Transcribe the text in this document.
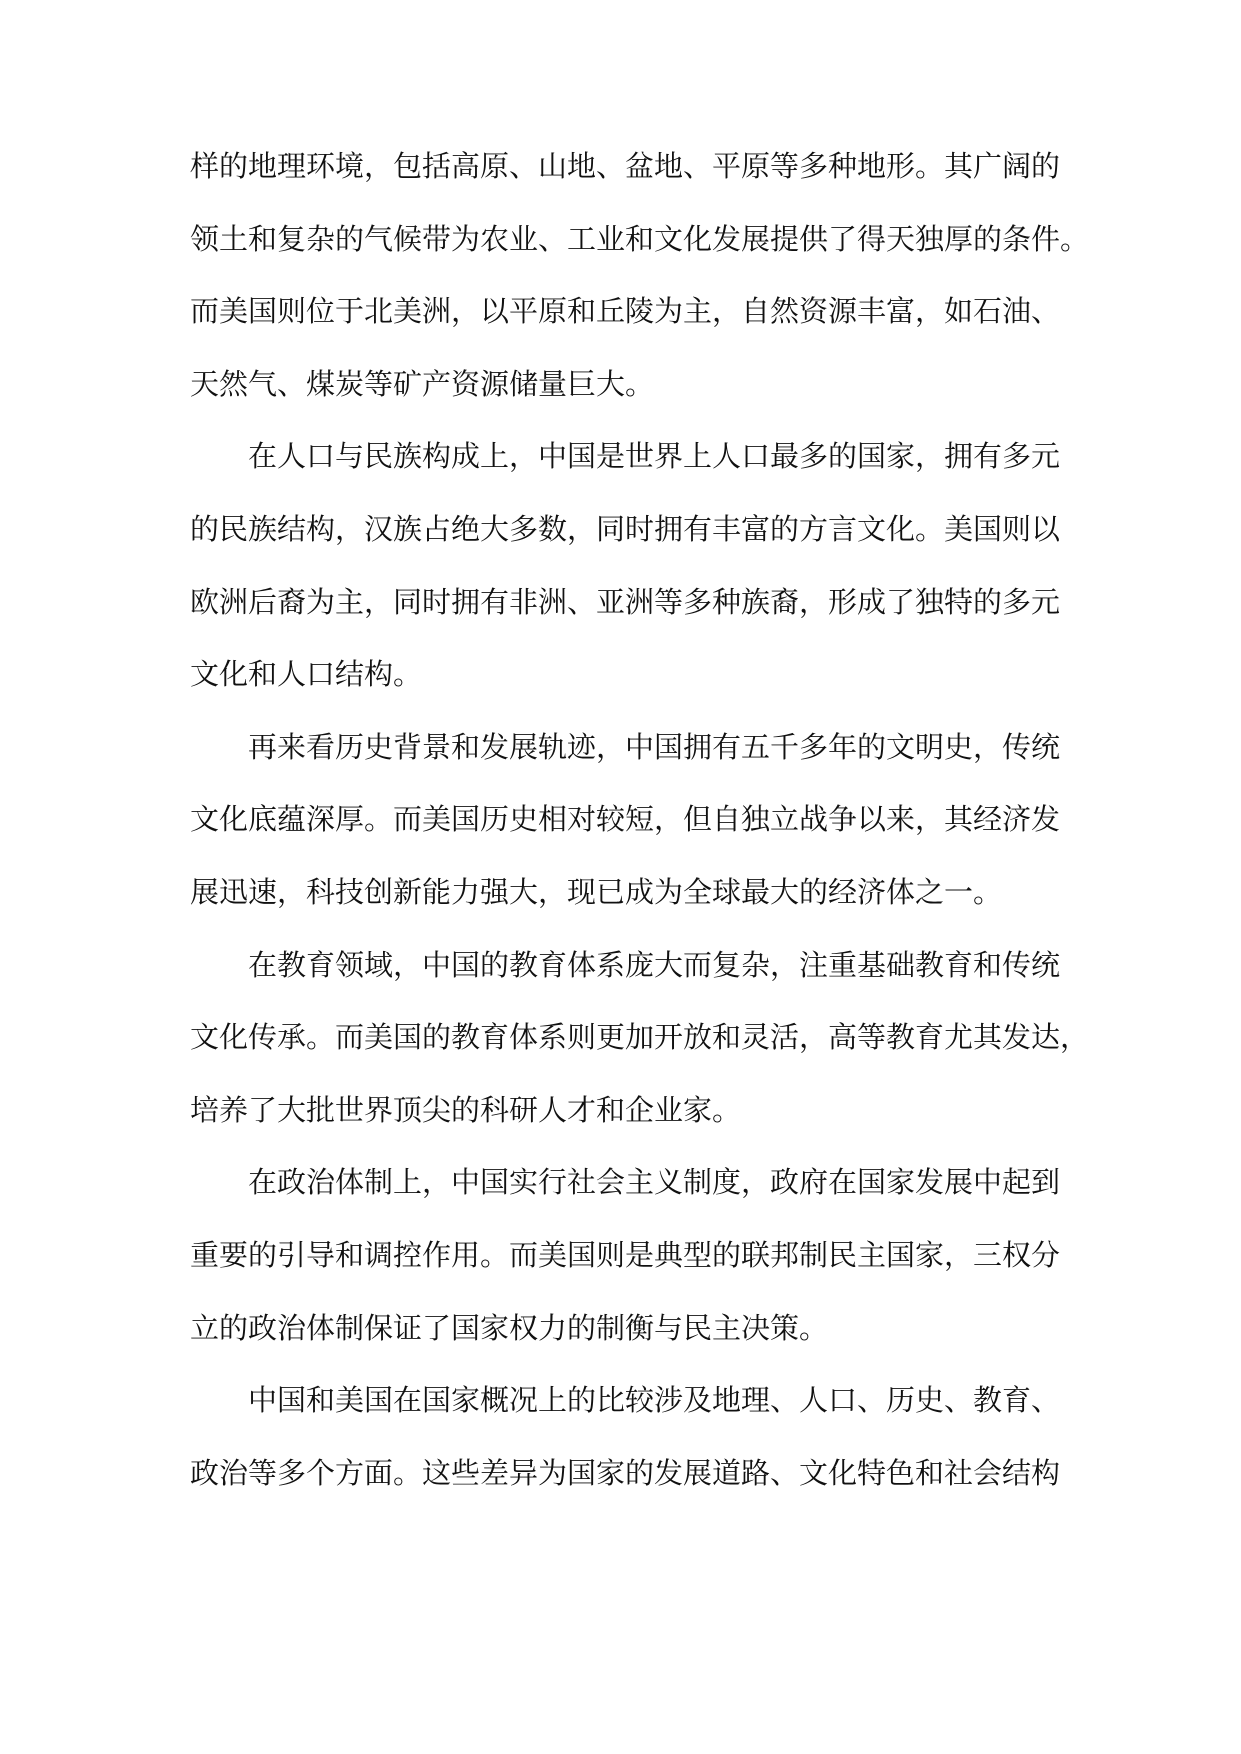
样的地理环境，包括高原、山地、盆地、平原等多种地形。其广阔的
领土和复杂的气候带为农业、工业和文化发展提供了得天独厚的条件。
而美国则位于北美洲，以平原和丘陵为主，自然资源丰富，如石油、
天然气、煤炭等矿产资源储量巨大。
在人口与民族构成上，中国是世界上人口最多的国家，拥有多元
的民族结构，汉族占绝大多数，同时拥有丰富的方言文化。美国则以
欧洲后裔为主，同时拥有非洲、亚洲等多种族裔，形成了独特的多元
文化和人口结构。
再来看历史背景和发展轨迹，中国拥有五千多年的文明史，传统
文化底蕴深厚。而美国历史相对较短，但自独立战争以来，其经济发
展迅速，科技创新能力强大，现已成为全球最大的经济体之一。
在教育领域，中国的教育体系庞大而复杂，注重基础教育和传统
文化传承。而美国的教育体系则更加开放和灵活，高等教育尤其发达，
培养了大批世界顶尖的科研人才和企业家。
在政治体制上，中国实行社会主义制度，政府在国家发展中起到
重要的引导和调控作用。而美国则是典型的联邦制民主国家，三权分
立的政治体制保证了国家权力的制衡与民主决策。
中国和美国在国家概况上的比较涉及地理、人口、历史、教育、
政治等多个方面。这些差异为国家的发展道路、文化特色和社会结构
